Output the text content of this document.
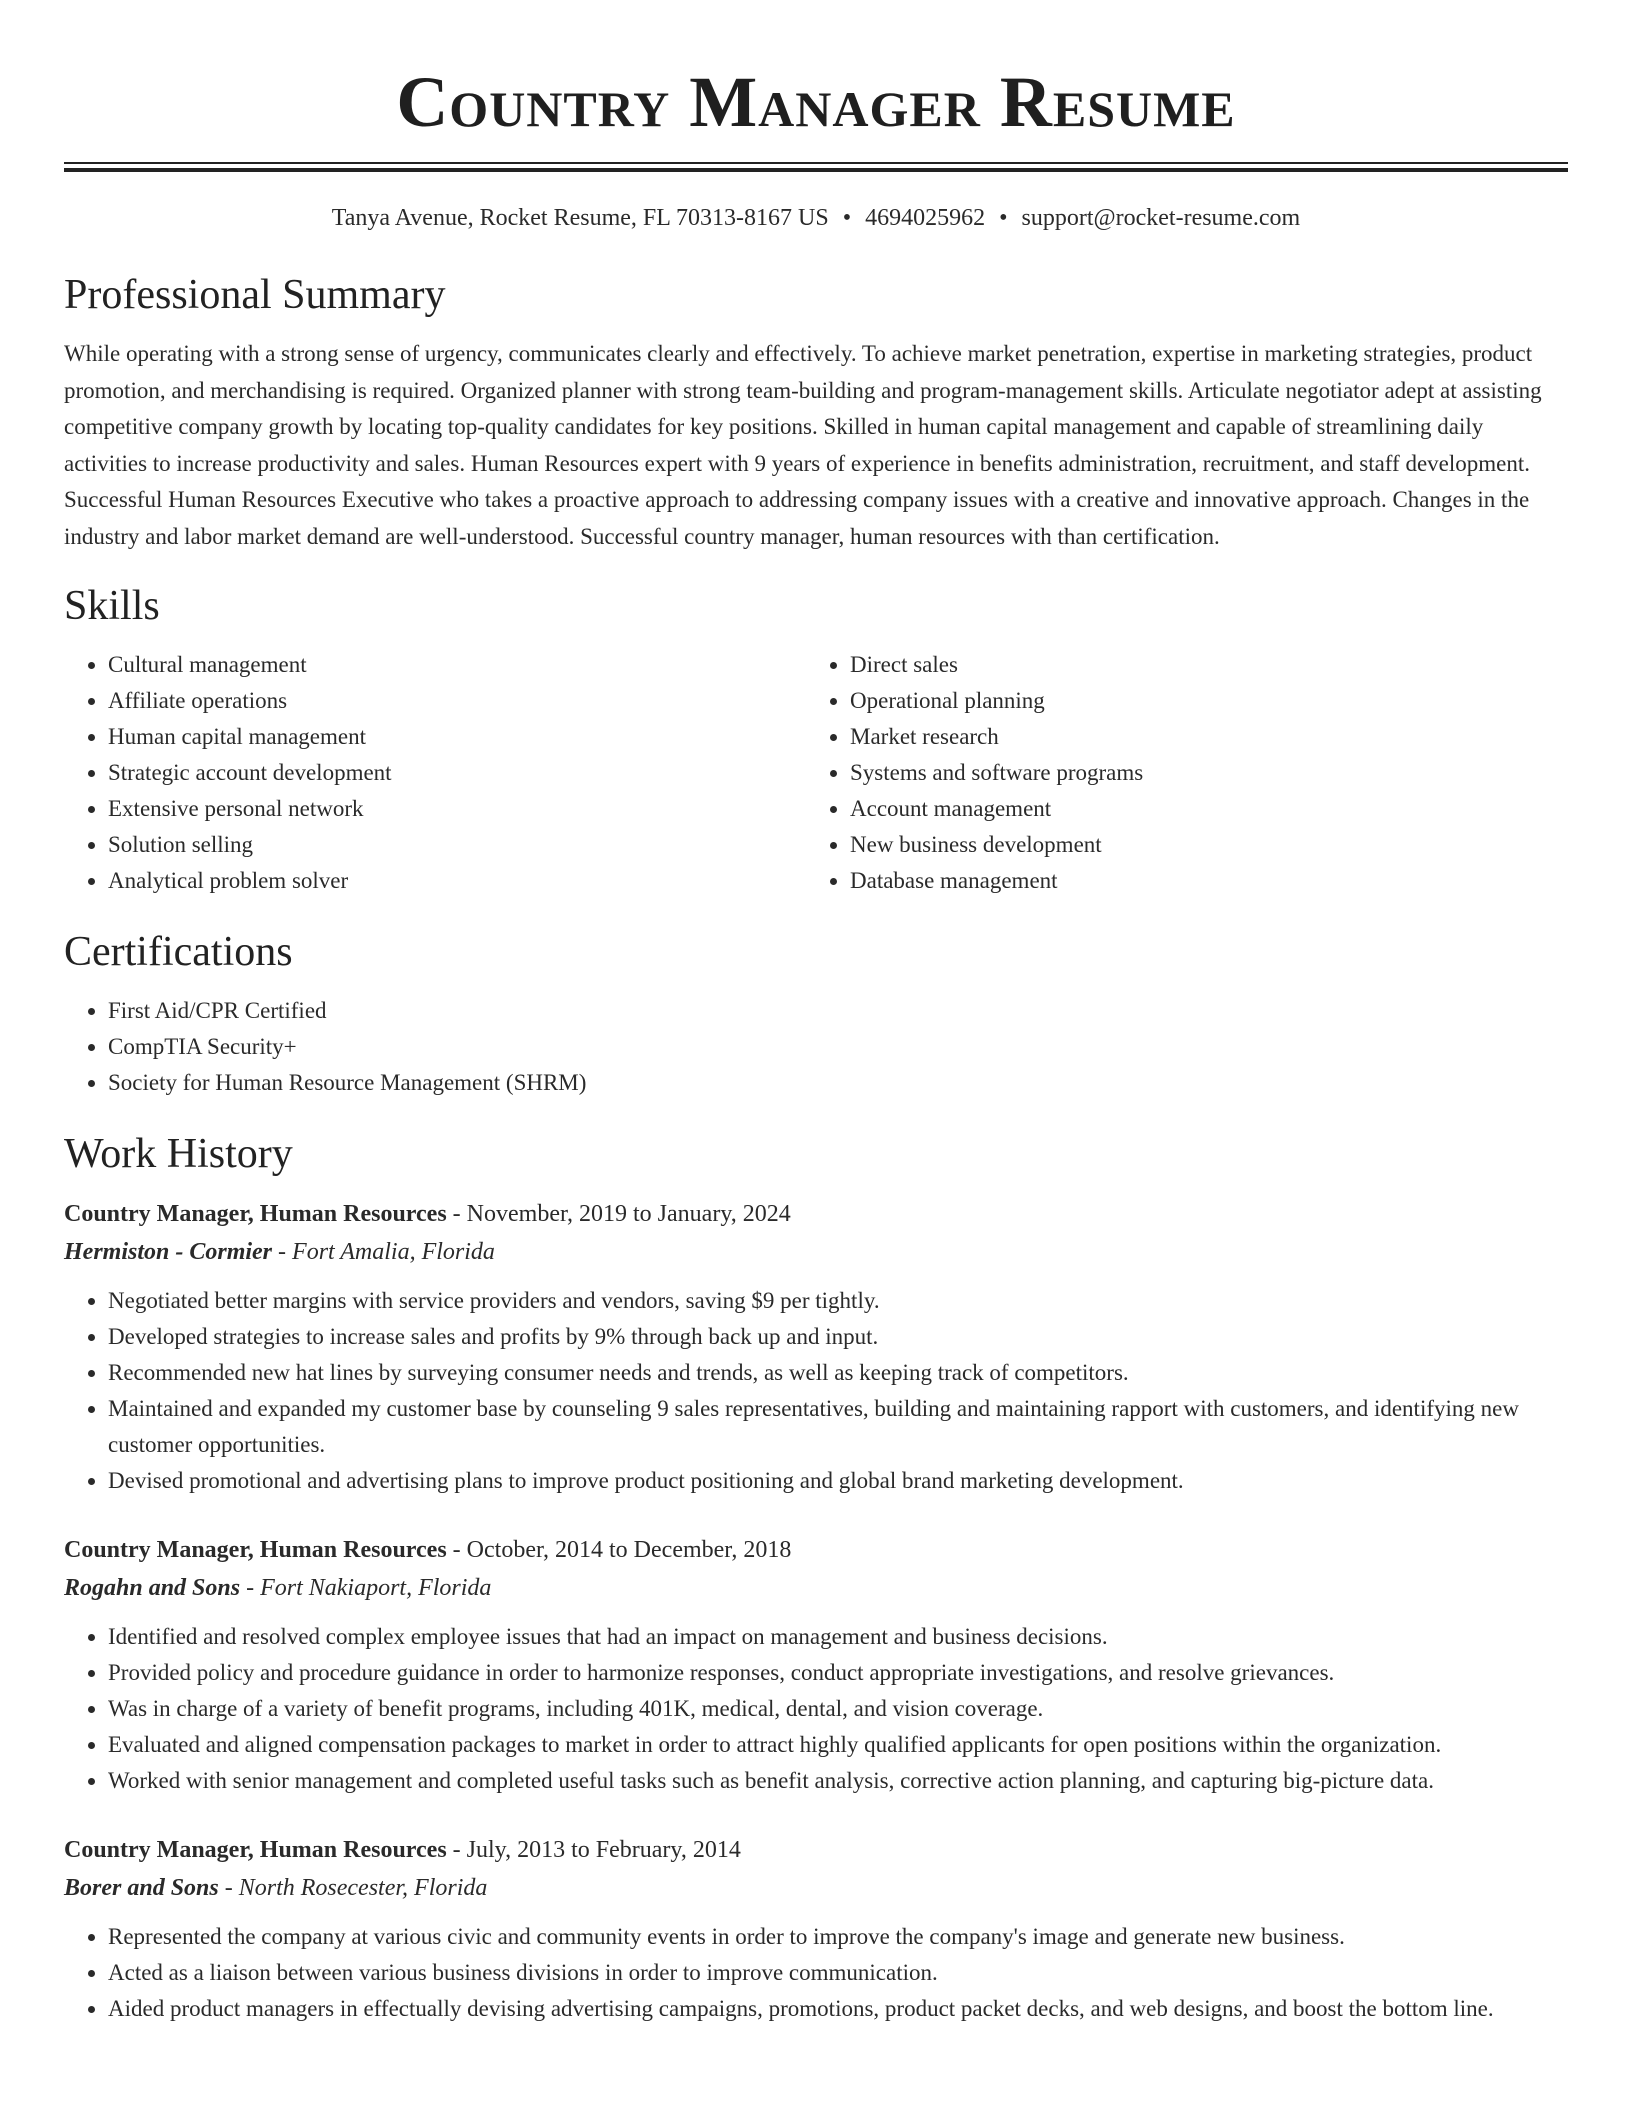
Country Manager Resume
Tanya Avenue, Rocket Resume, FL 70313-8167 US • 4694025962 • support@rocket-resume.com
Professional Summary

While operating with a strong sense of urgency, communicates clearly and effectively. To achieve market penetration, expertise in marketing strategies, product promotion, and merchandising is required. Organized planner with strong team-building and program-management skills. Articulate negotiator adept at assisting competitive company growth by locating top-quality candidates for key positions. Skilled in human capital management and capable of streamlining daily activities to increase productivity and sales. Human Resources expert with 9 years of experience in benefits administration, recruitment, and staff development. Successful Human Resources Executive who takes a proactive approach to addressing company issues with a creative and innovative approach. Changes in the industry and labor market demand are well-understood. Successful country manager, human resources with than certification.

Skills
• Cultural management
• Affiliate operations
• Human capital management
• Strategic account development
• Extensive personal network
• Solution selling
• Analytical problem solver
• Direct sales
• Operational planning
• Market research
• Systems and software programs
• Account management
• New business development
• Database management
Certifications
• First Aid/CPR Certified
• CompTIA Security+
• Society for Human Resource Management (SHRM)
Work History
Country Manager, Human Resources - November, 2019 to January, 2024
Hermiston - Cormier - Fort Amalia, Florida
• Negotiated better margins with service providers and vendors, saving $9 per tightly.
• Developed strategies to increase sales and profits by 9% through back up and input.
• Recommended new hat lines by surveying consumer needs and trends, as well as keeping track of competitors.
• Maintained and expanded my customer base by counseling 9 sales representatives, building and maintaining rapport with customers, and identifying new customer opportunities.
• Devised promotional and advertising plans to improve product positioning and global brand marketing development.
Country Manager, Human Resources - October, 2014 to December, 2018
Rogahn and Sons - Fort Nakiaport, Florida
• Identified and resolved complex employee issues that had an impact on management and business decisions.
• Provided policy and procedure guidance in order to harmonize responses, conduct appropriate investigations, and resolve grievances.
• Was in charge of a variety of benefit programs, including 401K, medical, dental, and vision coverage.
• Evaluated and aligned compensation packages to market in order to attract highly qualified applicants for open positions within the organization.
• Worked with senior management and completed useful tasks such as benefit analysis, corrective action planning, and capturing big-picture data.
Country Manager, Human Resources - July, 2013 to February, 2014
Borer and Sons - North Rosecester, Florida
• Represented the company at various civic and community events in order to improve the company's image and generate new business.
• Acted as a liaison between various business divisions in order to improve communication.
• Aided product managers in effectually devising advertising campaigns, promotions, product packet decks, and web designs, and boost the bottom line.
